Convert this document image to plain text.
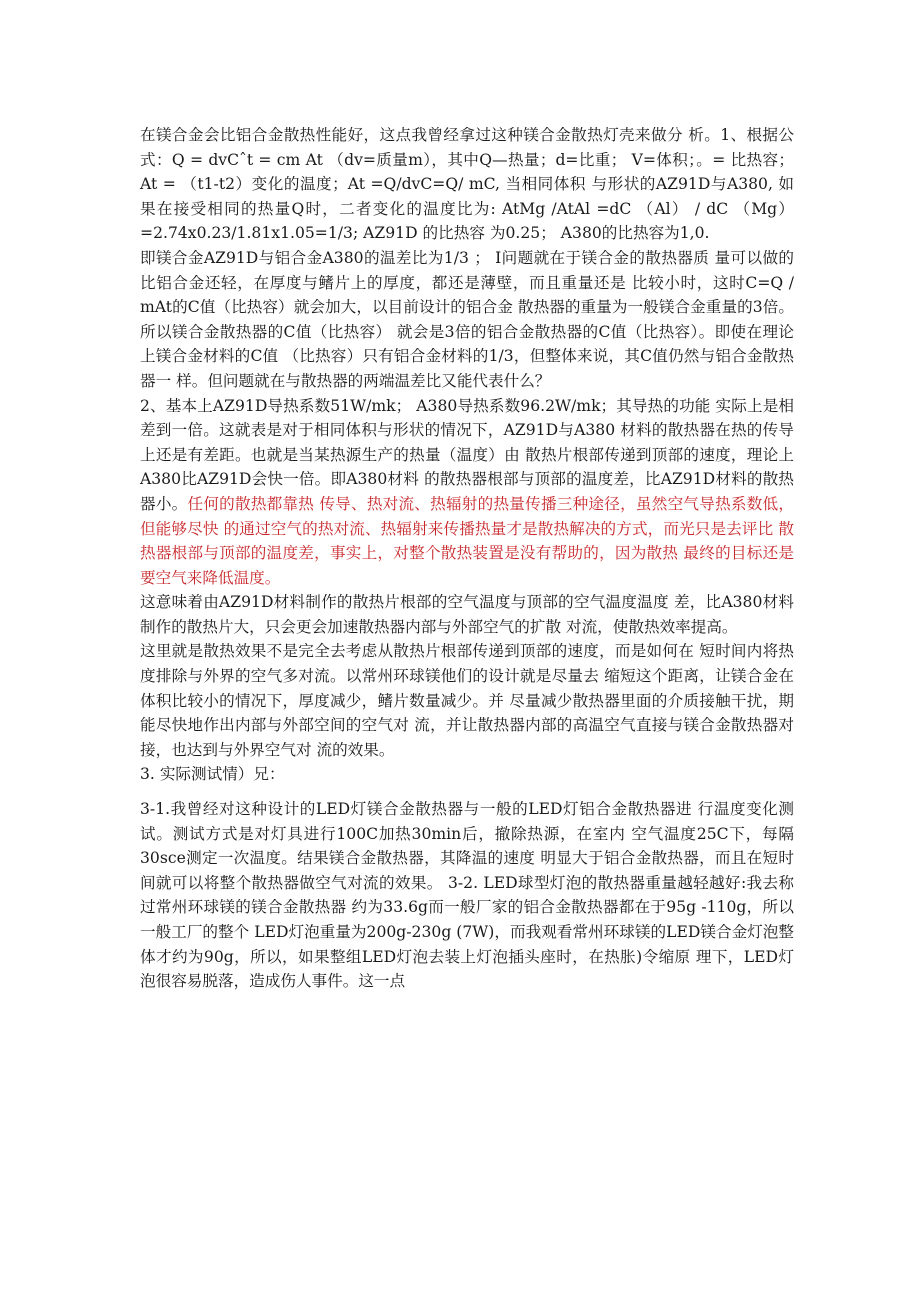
在镁合金会比铝合金散热性能好，这点我曾经拿过这种镁合金散热灯壳来做分 析。1、根据公式：Q = dvCˆt = cm At （dv=质量m），其中Q—热量；d=比重； V=体积；。= 比热容；At = （t1-t2）变化的温度；At =Q/dvC=Q/ mC, 当相同体积 与形状的AZ91D与A380, 如果在接受相同的热量Q时，二者变化的温度比为: AtMg /AtAl =dC （Al） / dC （Mg） =2.74x0.23/1.81x1.05=1/3; AZ91D 的比热容 为0.25； A380的比热容为1,0.

即镁合金AZ91D与铝合金A380的温差比为1/3 ； I问题就在于镁合金的散热器质 量可以做的比铝合金还轻，在厚度与鳍片上的厚度，都还是薄壁，而且重量还是 比较小时，这时C=Q / mAt的C值（比热容）就会加大，以目前设计的铝合金 散热器的重量为一般镁合金重量的3倍。所以镁合金散热器的C值（比热容） 就会是3倍的铝合金散热器的C值（比热容）。即使在理论上镁合金材料的C值 （比热容）只有铝合金材料的1/3，但整体来说，其C值仍然与铝合金散热器一 样。但问题就在与散热器的两端温差比又能代表什么？

2、基本上AZ91D导热系数51W/mk； A380导热系数96.2W/mk；其导热的功能 实际上是相差到一倍。这就表是对于相同体积与形状的情况下，AZ91D与A380 材料的散热器在热的传导上还是有差距。也就是当某热源生产的热量（温度）由 散热片根部传递到顶部的速度，理论上A380比AZ91D会快一倍。即A380材料 的散热器根部与顶部的温度差，比AZ91D材料的散热器小。任何的散热都靠热 传导、热对流、热辐射的热量传播三种途径，虽然空气导热系数低，但能够尽快 的通过空气的热对流、热辐射来传播热量才是散热解决的方式，而光只是去评比 散热器根部与顶部的温度差，事实上，对整个散热装置是没有帮助的，因为散热 最终的目标还是要空气来降低温度。

这意味着由AZ91D材料制作的散热片根部的空气温度与顶部的空气温度温度 差，比A380材料制作的散热片大，只会更会加速散热器内部与外部空气的扩散 对流，使散热效率提高。

这里就是散热效果不是完全去考虑从散热片根部传递到顶部的速度，而是如何在 短时间内将热度排除与外界的空气多对流。以常州环球镁他们的设计就是尽量去 缩短这个距离，让镁合金在体积比较小的情况下，厚度减少，鳍片数量减少。并 尽量减少散热器里面的介质接触干扰，期能尽快地作出内部与外部空间的空气对 流，并让散热器内部的高温空气直接与镁合金散热器对接，也达到与外界空气对 流的效果。

3. 实际测试情）兄：

3-1.我曾经对这种设计的LED灯镁合金散热器与一般的LED灯铝合金散热器进 行温度变化测试。测试方式是对灯具进行100C加热30min后，撤除热源，在室内 空气温度25C下，每隔30sce测定一次温度。结果镁合金散热器，其降温的速度 明显大于铝合金散热器，而且在短时间就可以将整个散热器做空气对流的效果。 3-2. LED球型灯泡的散热器重量越轻越好:我去称过常州环球镁的镁合金散热器 约为33.6g而一般厂家的铝合金散热器都在于95g -110g，所以一般工厂的整个 LED灯泡重量为200g-230g (7W)，而我观看常州环球镁的LED镁合金灯泡整 体才约为90g，所以，如果整组LED灯泡去装上灯泡插头座时，在热胀)令缩原 理下，LED灯泡很容易脱落，造成伤人事件。这一点
